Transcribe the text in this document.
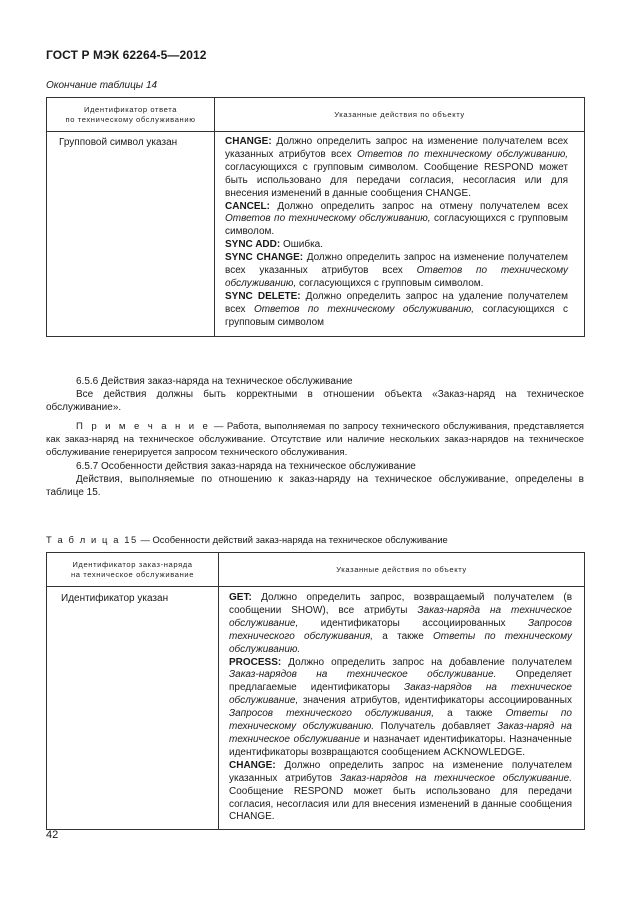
ГОСТ Р МЭК 62264-5—2012
Окончание таблицы 14
Идентификатор ответа
по техническому обслуживанию	Указанные действия по объекту
Групповой символ указан	CHANGE: Должно определить запрос на изменение получателем всех указанных атрибутов всех Ответов по техническому обслуживанию, согласующихся с групповым символом. Сообщение RESPOND может быть использовано для передачи согласия, несогласия или для внесения изменений в данные сообщения CHANGE.
CANCEL: Должно определить запрос на отмену получателем всех Ответов по техническому обслуживанию, согласующихся с групповым символом.
SYNC ADD: Ошибка.
SYNC CHANGE: Должно определить запрос на изменение получателем всех указанных атрибутов всех Ответов по техническому обслуживанию, согласующихся с групповым символом.
SYNC DELETE: Должно определить запрос на удаление получателем всех Ответов по техническому обслуживанию, согласующихся с групповым символом

6.5.6 Действия заказ-наряда на техническое обслуживание

Все действия должны быть корректными в отношении объекта «Заказ-наряд на техническое обслуживание».

П р и м е ч а н и е — Работа, выполняемая по запросу технического обслуживания, представляется как заказ-наряд на техническое обслуживание. Отсутствие или наличие нескольких заказ-нарядов на техническое обслуживание генерируется запросом технического обслуживания.

6.5.7 Особенности действия заказ-наряда на техническое обслуживание

Действия, выполняемые по отношению к заказ-наряду на техническое обслуживание, определены в таблице 15.

Т а б л и ц а 15 — Особенности действий заказ-наряда на техническое обслуживание
Идентификатор заказ-наряда
на техническое обслуживание	Указанные действия по объекту
Идентификатор указан	GET: Должно определить запрос, возвращаемый получателем (в сообщении SHOW), все атрибуты Заказ-наряда на техническое обслуживание, идентификаторы ассоциированных Запросов технического обслуживания, а также Ответы по техническому обслуживанию.
PROCESS: Должно определить запрос на добавление получателем Заказ-нарядов на техническое обслуживание. Определяет предлагаемые идентификаторы Заказ-нарядов на техническое обслуживание, значения атрибутов, идентификаторы ассоциированных Запросов технического обслуживания, а также Ответы по техническому обслуживанию. Получатель добавляет Заказ-наряд на техническое обслуживание и назначает идентификаторы. Назначенные идентификаторы возвращаются сообщением ACKNOWLEDGE.
CHANGE: Должно определить запрос на изменение получателем указанных атрибутов Заказ-нарядов на техническое обслуживание. Сообщение RESPOND может быть использовано для передачи согласия, несогласия или для внесения изменений в данные сообщения CHANGE.
42
